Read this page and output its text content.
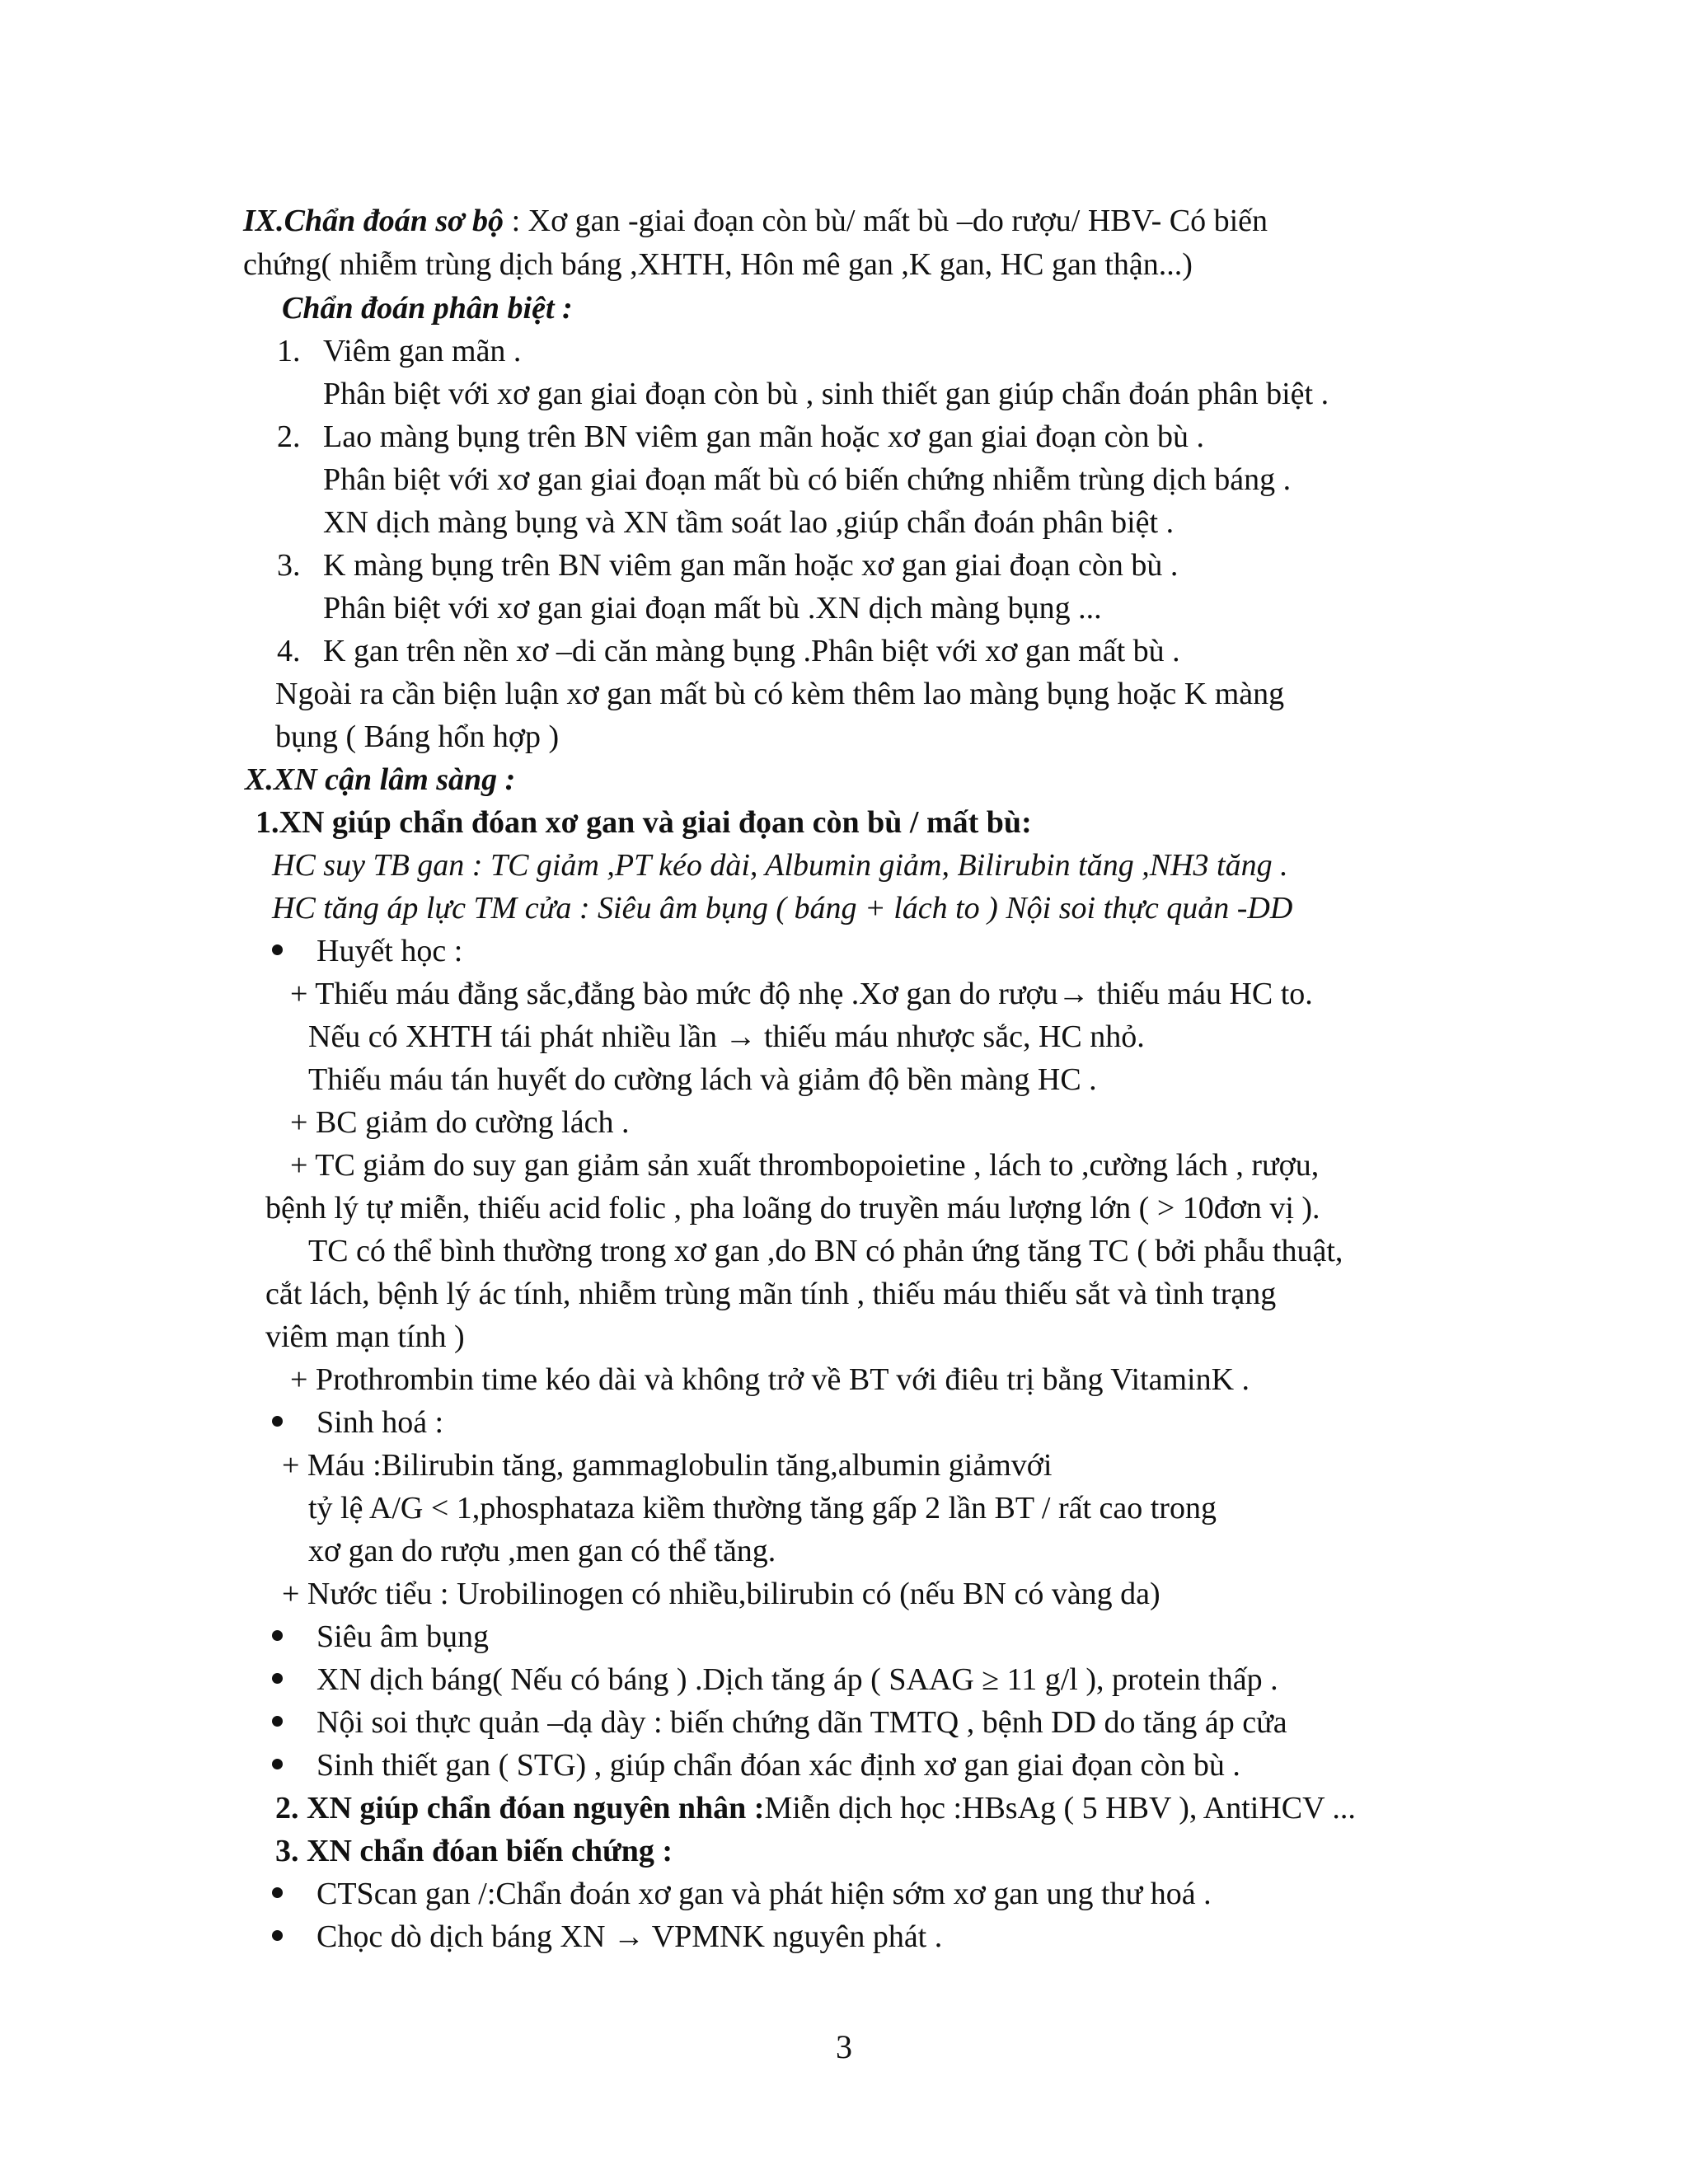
IX.Chẩn đoán sơ bộ : Xơ gan -giai đoạn còn bù/ mất bù –do rượu/ HBV- Có biến
chứng( nhiễm trùng dịch báng ,XHTH, Hôn mê gan ,K gan, HC gan thận...)
Chẩn đoán phân biệt :
1. Viêm gan mãn .
Phân biệt với xơ gan giai đoạn còn bù , sinh thiết gan giúp chẩn đoán phân biệt .
2. Lao màng bụng trên BN viêm gan mãn hoặc xơ gan giai đoạn còn bù .
Phân biệt với xơ gan giai đoạn mất bù có biến chứng nhiễm trùng dịch báng .
XN dịch màng bụng và XN tầm soát lao ,giúp chẩn đoán phân biệt .
3. K màng bụng trên BN viêm gan mãn hoặc xơ gan giai đoạn còn bù .
Phân biệt với xơ gan giai đoạn mất bù .XN dịch màng bụng ...
4. K gan trên nền xơ –di căn màng bụng .Phân biệt với xơ gan mất bù .
Ngoài ra cần biện luận xơ gan mất bù có kèm thêm lao màng bụng hoặc K màng
bụng ( Báng hổn hợp )
X.XN cận lâm sàng :
1.XN giúp chẩn đóan xơ gan và giai đọan còn bù / mất bù:
HC suy TB gan : TC giảm ,PT kéo dài, Albumin giảm, Bilirubin tăng ,NH3 tăng .
HC tăng áp lực TM cửa : Siêu âm bụng ( báng + lách to ) Nội soi thực quản -DD
Huyết học :
+ Thiếu máu đẳng sắc,đẳng bào mức độ nhẹ .Xơ gan do rượu→ thiếu máu HC to.
Nếu có XHTH tái phát nhiều lần → thiếu máu nhược sắc, HC nhỏ.
Thiếu máu tán huyết do cường lách và giảm độ bền màng HC .
+ BC giảm do cường lách .
+ TC giảm do suy gan giảm sản xuất thrombopoietine , lách to ,cường lách , rượu,
bệnh lý tự miễn, thiếu acid folic , pha loãng do truyền máu lượng lớn ( > 10đơn vị ).
TC có thể bình thường trong xơ gan ,do BN có phản ứng tăng TC ( bởi phẫu thuật,
cắt lách, bệnh lý ác tính, nhiễm trùng mãn tính , thiếu máu thiếu sắt và tình trạng
viêm mạn tính )
+ Prothrombin time kéo dài và không trở về BT với điêu trị bằng VitaminK .
Sinh hoá :
+ Máu :Bilirubin tăng, gammaglobulin tăng,albumin giảmvới
tỷ lệ A/G < 1,phosphataza kiềm thường tăng gấp 2 lần BT / rất cao trong
xơ gan do rượu ,men gan có thể tăng.
+ Nước tiểu : Urobilinogen có nhiều,bilirubin có (nếu BN có vàng da)
Siêu âm bụng
XN dịch báng( Nếu có báng ) .Dịch tăng áp ( SAAG ≥ 11 g/l ), protein thấp .
Nội soi thực quản –dạ dày : biến chứng dãn TMTQ , bệnh DD do tăng áp cửa
Sinh thiết gan ( STG) , giúp chẩn đóan xác định xơ gan giai đọan còn bù .
2. XN giúp chẩn đóan nguyên nhân :Miễn dịch học :HBsAg ( 5 HBV ), AntiHCV ...
3. XN chẩn đóan biến chứng :
CTScan gan /:Chẩn đoán xơ gan và phát hiện sớm xơ gan ung thư hoá .
Chọc dò dịch báng XN → VPMNK nguyên phát .
3
